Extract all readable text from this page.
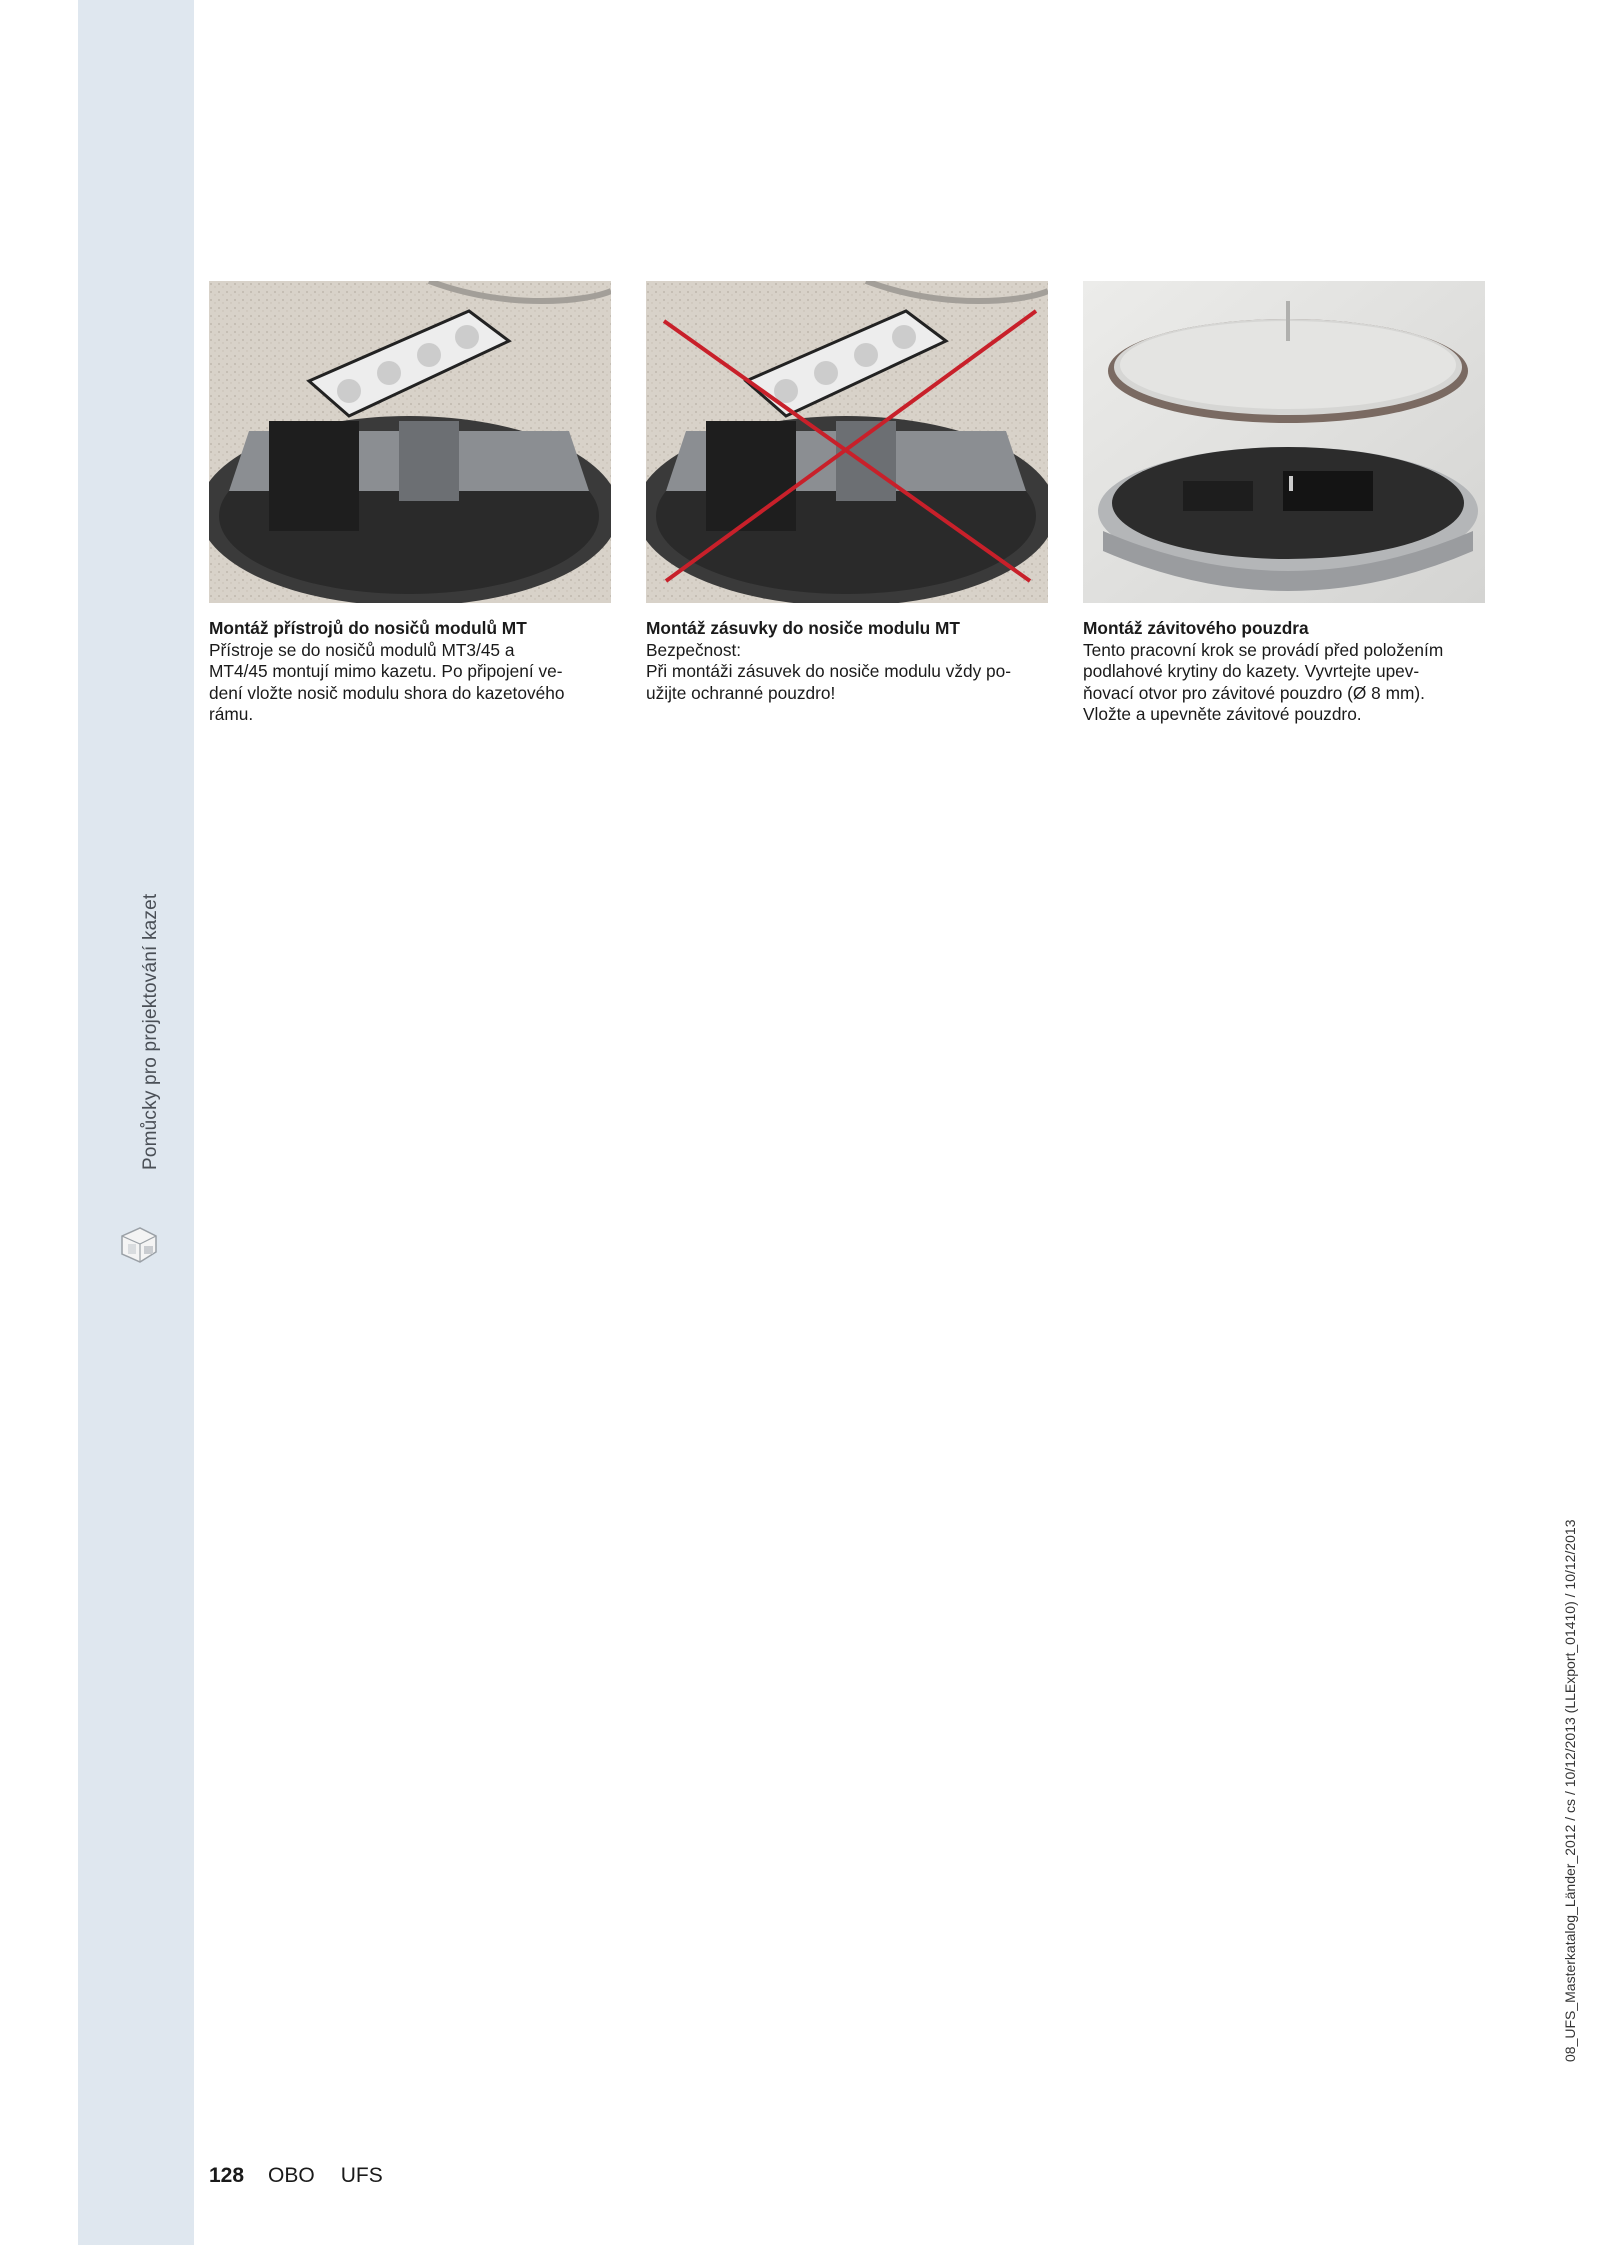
Pomůcky pro projektování kazet
Montáž přístrojů do nosičů modulů MT
Přístroje se do nosičů modulů MT3/45 a
MT4/45 montují mimo kazetu. Po připojení ve-
dení vložte nosič modulu shora do kazetového
rámu.
Montáž zásuvky do nosiče modulu MT
Bezpečnost:
Při montáži zásuvek do nosiče modulu vždy po-
užijte ochranné pouzdro!
Montáž závitového pouzdra
Tento pracovní krok se provádí před položením
podlahové krytiny do kazety. Vyvrtejte upev-
ňovací otvor pro závitové pouzdro (Ø 8 mm).
Vložte a upevněte závitové pouzdro.
128 OBO UFS
08_UFS_Masterkatalog_Länder_2012 / cs / 10/12/2013 (LLExport_01410) / 10/12/2013
